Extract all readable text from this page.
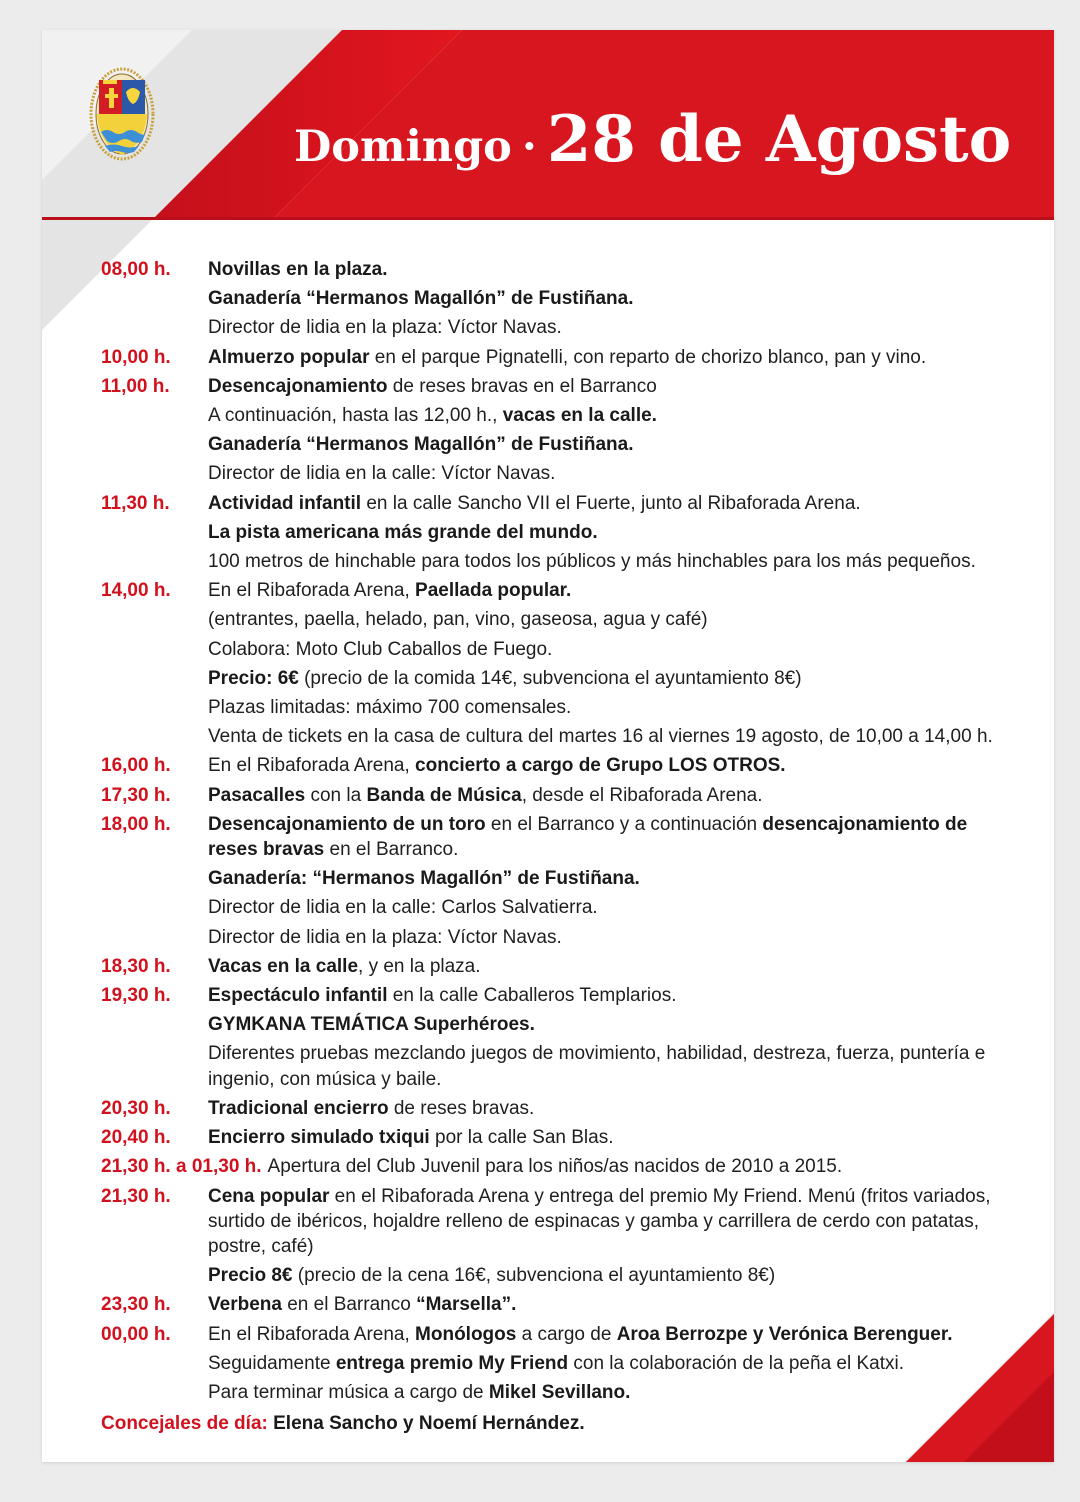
Domingo · 28 de Agosto
08,00 h.	Novillas en la plaza.
Ganadería “Hermanos Magallón” de Fustiñana.
Director de lidia en la plaza: Víctor Navas.
10,00 h.	Almuerzo popular en el parque Pignatelli, con reparto de chorizo blanco, pan y vino.
11,00 h.	Desencajonamiento de reses bravas en el Barranco
A continuación, hasta las 12,00 h., vacas en la calle.
Ganadería “Hermanos Magallón” de Fustiñana.
Director de lidia en la calle: Víctor Navas.
11,30 h.	Actividad infantil en la calle Sancho VII el Fuerte, junto al Ribaforada Arena.
La pista americana más grande del mundo.
100 metros de hinchable para todos los públicos y más hinchables para los más pequeños.
14,00 h.	En el Ribaforada Arena, Paellada popular.
(entrantes, paella, helado, pan, vino, gaseosa, agua y café)
Colabora: Moto Club Caballos de Fuego.
Precio: 6€ (precio de la comida 14€, subvenciona el ayuntamiento 8€)
Plazas limitadas: máximo 700 comensales.
Venta de tickets en la casa de cultura del martes 16 al viernes 19 agosto, de 10,00 a 14,00 h.
16,00 h.	En el Ribaforada Arena, concierto a cargo de Grupo LOS OTROS.
17,30 h.	Pasacalles con la Banda de Música, desde el Ribaforada Arena.
18,00 h.	Desencajonamiento de un toro en el Barranco y a continuación desencajonamiento de reses bravas en el Barranco.
Ganadería: “Hermanos Magallón” de Fustiñana.
Director de lidia en la calle: Carlos Salvatierra.
Director de lidia en la plaza: Víctor Navas.
18,30 h.	Vacas en la calle, y en la plaza.
19,30 h.	Espectáculo infantil en la calle Caballeros Templarios.
GYMKANA TEMÁTICA Superhéroes.
Diferentes pruebas mezclando juegos de movimiento, habilidad, destreza, fuerza, puntería e ingenio, con música y baile.
20,30 h.	Tradicional encierro de reses bravas.
20,40 h.	Encierro simulado txiqui por la calle San Blas.
21,30 h. a 01,30 h. Apertura del Club Juvenil para los niños/as nacidos de 2010 a 2015.
21,30 h.	Cena popular en el Ribaforada Arena y entrega del premio My Friend. Menú (fritos variados, surtido de ibéricos, hojaldre relleno de espinacas y gamba y carrillera de cerdo con patatas, postre, café)
Precio 8€ (precio de la cena 16€, subvenciona el ayuntamiento 8€)
23,30 h.	Verbena en el Barranco “Marsella”.
00,00 h.	En el Ribaforada Arena, Monólogos a cargo de Aroa Berrozpe y Verónica Berenguer.
Seguidamente entrega premio My Friend con la colaboración de la peña el Katxi.
Para terminar música a cargo de Mikel Sevillano.
Concejales de día: Elena Sancho y Noemí Hernández.
